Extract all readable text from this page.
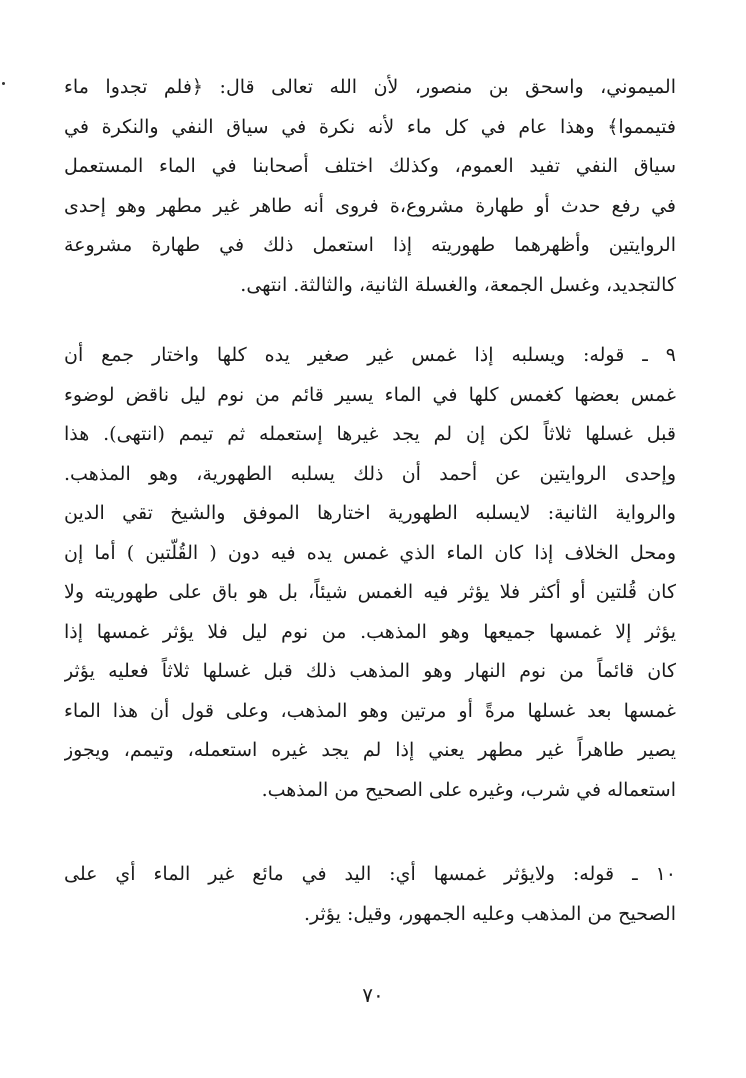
الميموني، واسحق بن منصور، لأن الله تعالى قال: ﴿فلم تجدوا ماء
فتيمموا﴾ وهذا عام في كل ماء لأنه نكرة في سياق النفي والنكرة في
سياق النفي تفيد العموم، وكذلك اختلف أصحابنا في الماء المستعمل
في رفع حدث أو طهارة مشروع،ة فروى أنه طاهر غير مطهر وهو إحدى
الروايتين وأظهرهما طهوريته إذا استعمل ذلك في طهارة مشروعة
كالتجديد، وغسل الجمعة، والغسلة الثانية، والثالثة. انتهى.
٩ ـ قوله: ويسلبه إذا غمس غير صغير يده كلها واختار جمع أن
غمس بعضها كغمس كلها في الماء يسير قائم من نوم ليل ناقض لوضوء
قبل غسلها ثلاثاً لكن إن لم يجد غيرها إستعمله ثم تيمم (انتهى). هذا
وإحدى الروايتين عن أحمد أن ذلك يسلبه الطهورية، وهو المذهب.
والرواية الثانية: لايسلبه الطهورية اختارها الموفق والشيخ تقي الدين
ومحل الخلاف إذا كان الماء الذي غمس يده فيه دون ( القُلّتين ) أما إن
كان قُلتين أو أكثر فلا يؤثر فيه الغمس شيئاً، بل هو باق على طهوريته ولا
يؤثر إلا غمسها جميعها وهو المذهب. من نوم ليل فلا يؤثر غمسها إذا
كان قائماً من نوم النهار وهو المذهب ذلك قبل غسلها ثلاثاً فعليه يؤثر
غمسها بعد غسلها مرةً أو مرتين وهو المذهب، وعلى قول أن هذا الماء
يصير طاهراً غير مطهر يعني إذا لم يجد غيره استعمله، وتيمم، ويجوز
استعماله في شرب، وغيره على الصحيح من المذهب.
١٠ ـ قوله: ولايؤثر غمسها أي: اليد في مائع غير الماء أي على
الصحيح من المذهب وعليه الجمهور، وقيل: يؤثر.
٧٠
